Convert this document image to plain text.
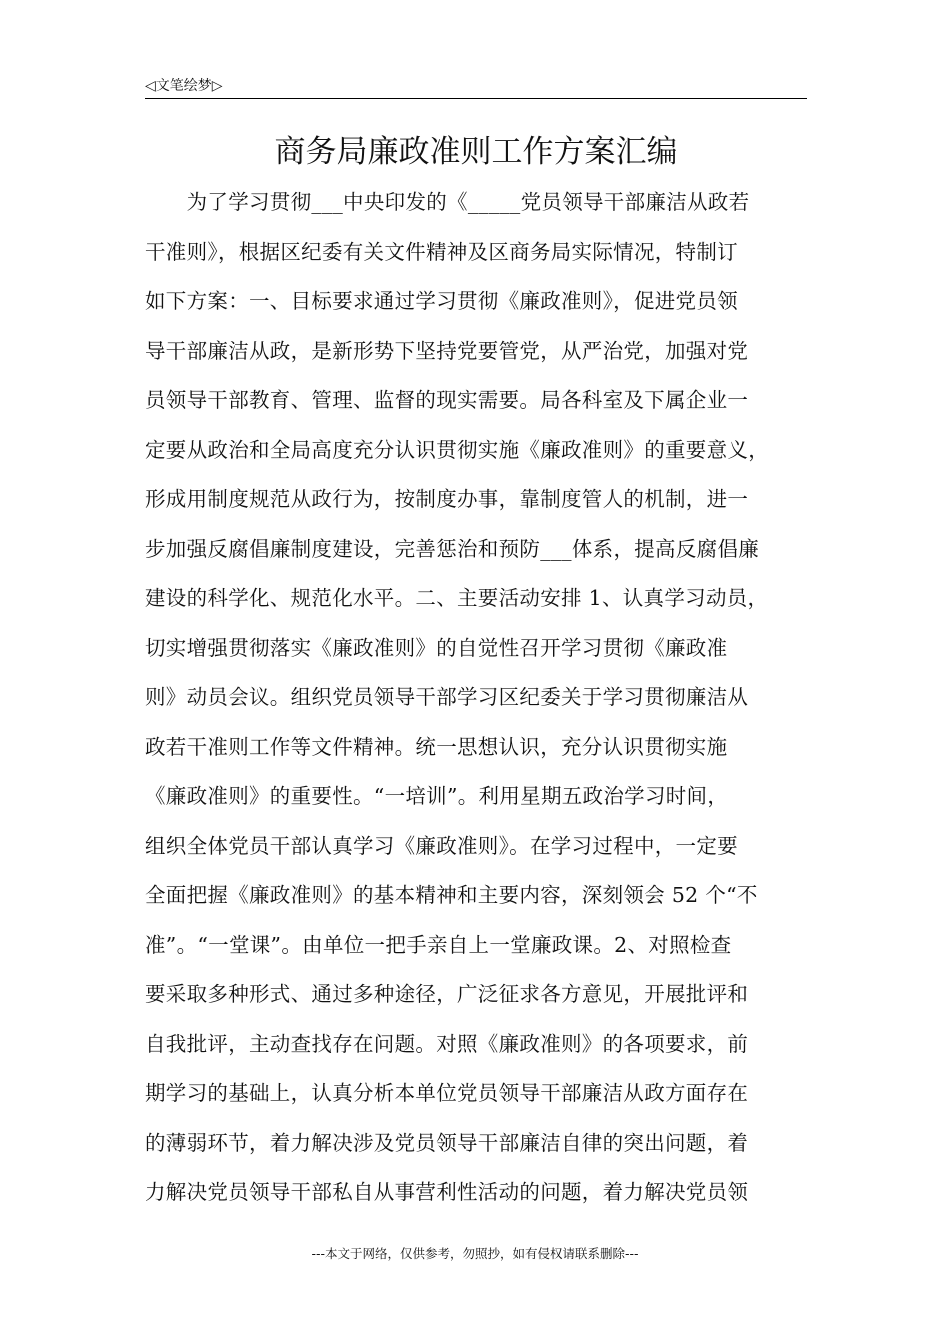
◁文笔绘梦▷
商务局廉政准则工作方案汇编
　　为了学习贯彻___中央印发的《_____党员领导干部廉洁从政若
干准则》，根据区纪委有关文件精神及区商务局实际情况，特制订
如下方案：一、目标要求通过学习贯彻《廉政准则》，促进党员领
导干部廉洁从政，是新形势下坚持党要管党，从严治党，加强对党
员领导干部教育、管理、监督的现实需要。局各科室及下属企业一
定要从政治和全局高度充分认识贯彻实施《廉政准则》的重要意义，
形成用制度规范从政行为，按制度办事，靠制度管人的机制，进一
步加强反腐倡廉制度建设，完善惩治和预防___体系，提高反腐倡廉
建设的科学化、规范化水平。二、主要活动安排 1、认真学习动员，
切实增强贯彻落实《廉政准则》的自觉性召开学习贯彻《廉政准
则》动员会议。组织党员领导干部学习区纪委关于学习贯彻廉洁从
政若干准则工作等文件精神。统一思想认识，充分认识贯彻实施
《廉政准则》的重要性。“一培训”。利用星期五政治学习时间，
组织全体党员干部认真学习《廉政准则》。在学习过程中，一定要
全面把握《廉政准则》的基本精神和主要内容，深刻领会 52 个“不
准”。“一堂课”。由单位一把手亲自上一堂廉政课。2、对照检查
要采取多种形式、通过多种途径，广泛征求各方意见，开展批评和
自我批评，主动查找存在问题。对照《廉政准则》的各项要求，前
期学习的基础上，认真分析本单位党员领导干部廉洁从政方面存在
的薄弱环节，着力解决涉及党员领导干部廉洁自律的突出问题，着
力解决党员领导干部私自从事营利性活动的问题，着力解决党员领
---本文于网络，仅供参考，勿照抄，如有侵权请联系删除---
